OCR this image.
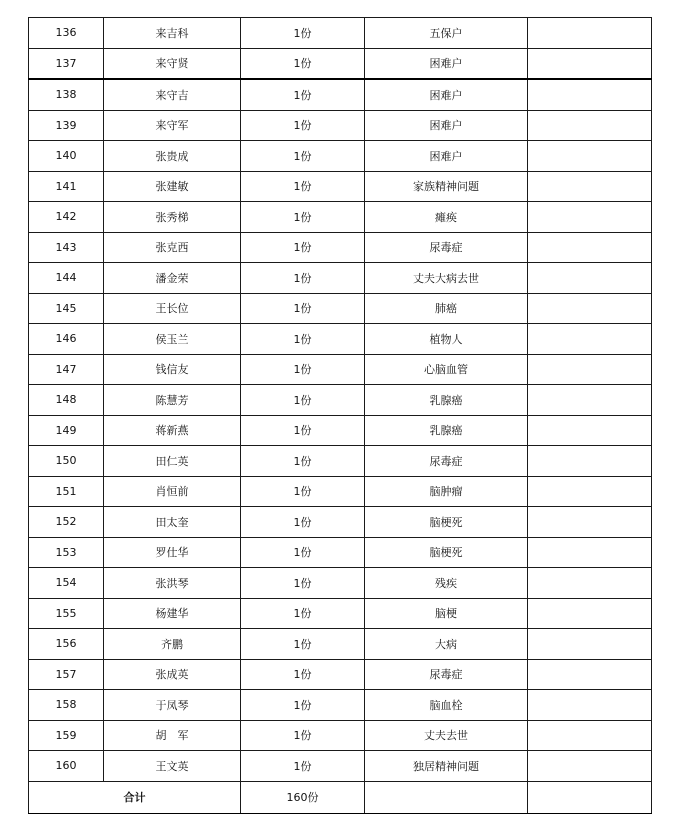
136	来吉科	1份	五保户	
137	来守贤	1份	困难户	
138	来守吉	1份	困难户	
139	来守军	1份	困难户	
140	张贵成	1份	困难户	
141	张建敏	1份	家族精神问题	
142	张秀梯	1份	瘫痪	
143	张克西	1份	尿毒症	
144	潘金荣	1份	丈夫大病去世	
145	王长位	1份	肺癌	
146	侯玉兰	1份	植物人	
147	钱信友	1份	心脑血管	
148	陈慧芳	1份	乳腺癌	
149	蒋新燕	1份	乳腺癌	
150	田仁英	1份	尿毒症	
151	肖恒前	1份	脑肿瘤	
152	田太奎	1份	脑梗死	
153	罗仕华	1份	脑梗死	
154	张洪琴	1份	残疾	
155	杨建华	1份	脑梗	
156	齐鹏	1份	大病	
157	张成英	1份	尿毒症	
158	于凤琴	1份	脑血栓	
159	胡　军	1份	丈夫去世	
160	王文英	1份	独居精神问题	
合计		160份		
